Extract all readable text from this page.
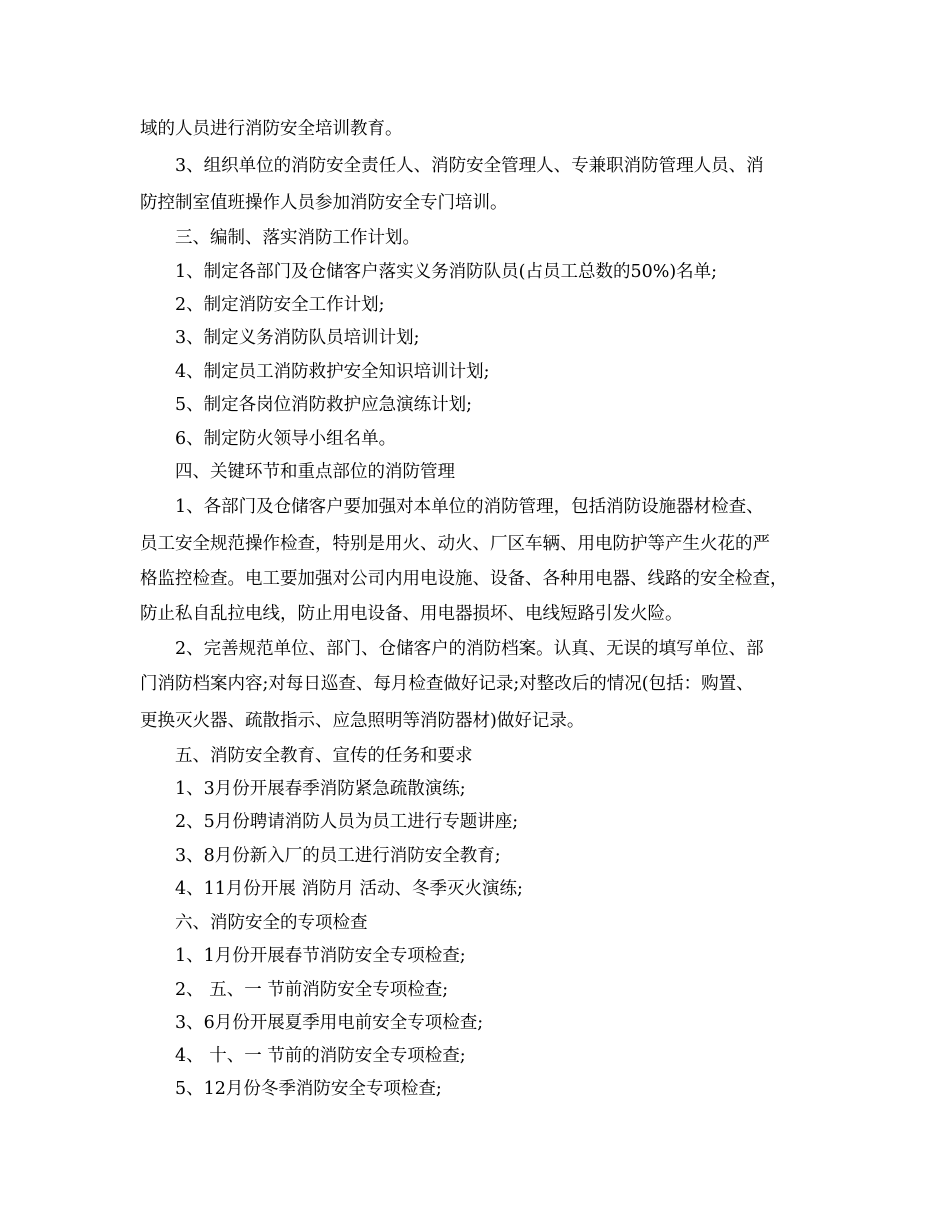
域的人员进行消防安全培训教育。

3、组织单位的消防安全责任人、消防安全管理人、专兼职消防管理人员、消

防控制室值班操作人员参加消防安全专门培训。

三、编制、落实消防工作计划。

1、制定各部门及仓储客户落实义务消防队员(占员工总数的50%)名单;

2、制定消防安全工作计划;

3、制定义务消防队员培训计划;

4、制定员工消防救护安全知识培训计划;

5、制定各岗位消防救护应急演练计划;

6、制定防火领导小组名单。

四、关键环节和重点部位的消防管理

1、各部门及仓储客户要加强对本单位的消防管理，包括消防设施器材检查、

员工安全规范操作检查，特别是用火、动火、厂区车辆、用电防护等产生火花的严

格监控检查。电工要加强对公司内用电设施、设备、各种用电器、线路的安全检查，

防止私自乱拉电线，防止用电设备、用电器损坏、电线短路引发火险。

2、完善规范单位、部门、仓储客户的消防档案。认真、无误的填写单位、部

门消防档案内容;对每日巡查、每月检查做好记录;对整改后的情况(包括：购置、

更换灭火器、疏散指示、应急照明等消防器材)做好记录。

五、消防安全教育、宣传的任务和要求

1、3月份开展春季消防紧急疏散演练;

2、5月份聘请消防人员为员工进行专题讲座;

3、8月份新入厂的员工进行消防安全教育;

4、11月份开展 消防月 活动、冬季灭火演练;

六、消防安全的专项检查

1、1月份开展春节消防安全专项检查;

2、 五、一 节前消防安全专项检查;

3、6月份开展夏季用电前安全专项检查;

4、 十、一 节前的消防安全专项检查;

5、12月份冬季消防安全专项检查;
